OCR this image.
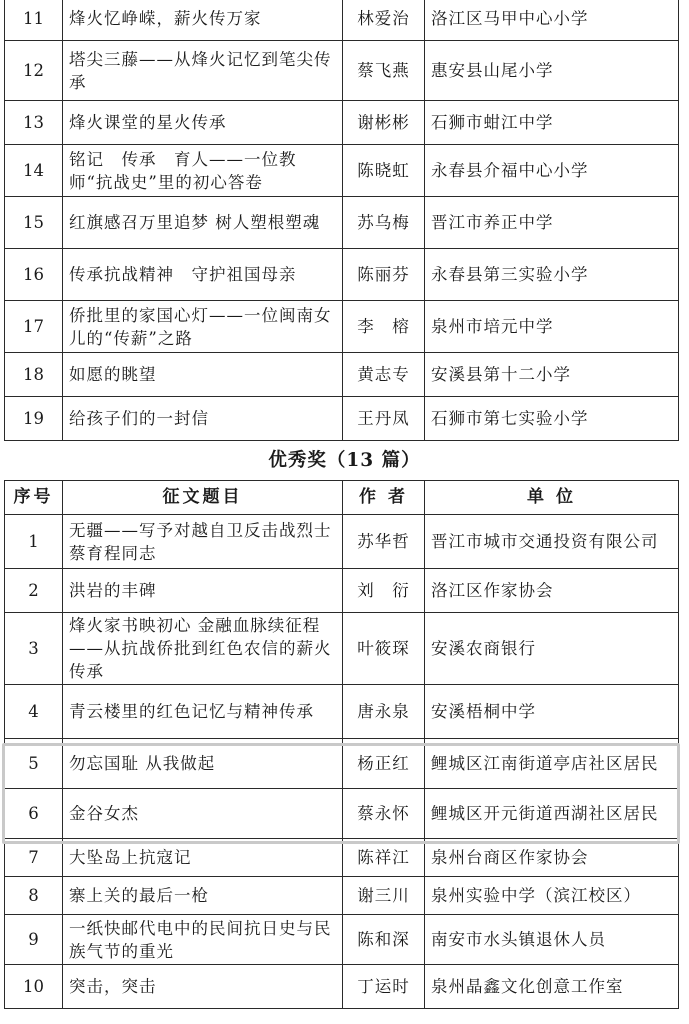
11	烽火忆峥嵘，薪火传万家	林爱治	洛江区马甲中心小学
12	塔尖三藤——从烽火记忆到笔尖传承	蔡飞燕	惠安县山尾小学
13	烽火课堂的星火传承	谢彬彬	石狮市蚶江中学
14	铭记　传承　育人——一位教师“抗战史”里的初心答卷	陈晓虹	永春县介福中心小学
15	红旗感召万里追梦 树人塑根塑魂	苏乌梅	晋江市养正中学
16	传承抗战精神　守护祖国母亲	陈丽芬	永春县第三实验小学
17	侨批里的家国心灯——一位闽南女儿的“传薪”之路	李　榕	泉州市培元中学
18	如愿的眺望	黄志专	安溪县第十二小学
19	给孩子们的一封信	王丹凤	石狮市第七实验小学
优秀奖（13 篇）
序号	征文题目	作 者	单 位
1	无疆——写予对越自卫反击战烈士蔡育程同志	苏华哲	晋江市城市交通投资有限公司
2	洪岩的丰碑	刘　衍	洛江区作家协会
3	烽火家书映初心 金融血脉续征程——从抗战侨批到红色农信的薪火传承	叶筱琛	安溪农商银行
4	青云楼里的红色记忆与精神传承	唐永泉	安溪梧桐中学
5	勿忘国耻 从我做起	杨正红	鲤城区江南街道亭店社区居民
6	金谷女杰	蔡永怀	鲤城区开元街道西湖社区居民
7	大坠岛上抗寇记	陈祥江	泉州台商区作家协会
8	寨上关的最后一枪	谢三川	泉州实验中学（滨江校区）
9	一纸快邮代电中的民间抗日史与民族气节的重光	陈和深	南安市水头镇退休人员
10	突击，突击	丁运时	泉州晶鑫文化创意工作室
